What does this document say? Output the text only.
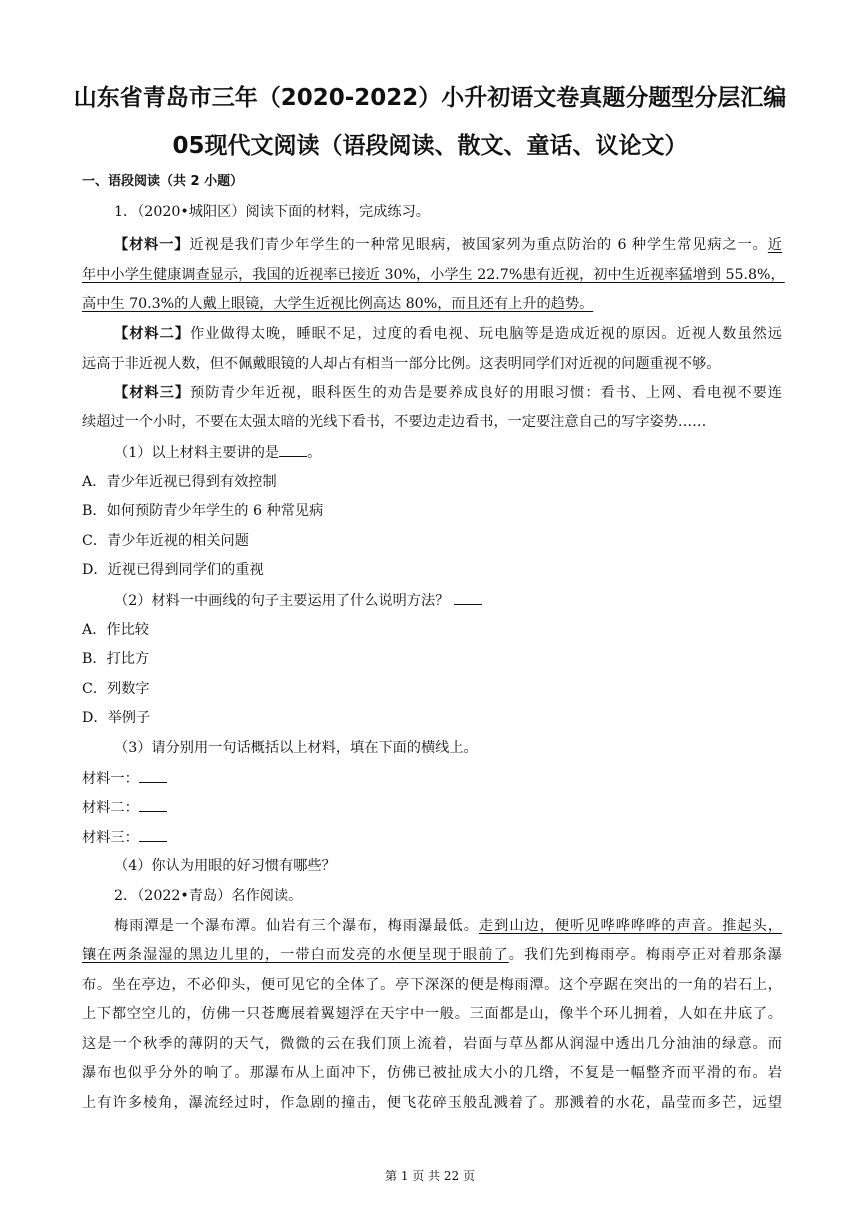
山东省青岛市三年（2020-2022）小升初语文卷真题分题型分层汇编
05现代文阅读（语段阅读、散文、童话、议论文）
一、语段阅读（共 2 小题）
1．（2020•城阳区）阅读下面的材料，完成练习。
【材料一】近视是我们青少年学生的一种常见眼病，被国家列为重点防治的 6 种学生常见病之一。近
年中小学生健康调查显示，我国的近视率已接近 30%，小学生 22.7%患有近视，初中生近视率猛增到 55.8%，
高中生 70.3%的人戴上眼镜，大学生近视比例高达 80%，而且还有上升的趋势。
【材料二】作业做得太晚，睡眠不足，过度的看电视、玩电脑等是造成近视的原因。近视人数虽然远
远高于非近视人数，但不佩戴眼镜的人却占有相当一部分比例。这表明同学们对近视的问题重视不够。
【材料三】预防青少年近视，眼科医生的劝告是要养成良好的用眼习惯：看书、上网、看电视不要连
续超过一个小时，不要在太强太暗的光线下看书，不要边走边看书，一定要注意自己的写字姿势……
（1）以上材料主要讲的是 。
A．青少年近视已得到有效控制
B．如何预防青少年学生的 6 种常见病
C．青少年近视的相关问题
D．近视已得到同学们的重视
（2）材料一中画线的句子主要运用了什么说明方法？
A．作比较
B．打比方
C．列数字
D．举例子
（3）请分别用一句话概括以上材料，填在下面的横线上。
材料一：
材料二：
材料三：
（4）你认为用眼的好习惯有哪些？
2．（2022•青岛）名作阅读。
梅雨潭是一个瀑布潭。仙岩有三个瀑布，梅雨瀑最低。走到山边，便听见哗哗哗哗的声音。推起头，
镶在两条湿湿的黑边儿里的，一带白而发亮的水便呈现于眼前了。我们先到梅雨亭。梅雨亭正对着那条瀑
布。坐在亭边，不必仰头，便可见它的全体了。亭下深深的便是梅雨潭。这个亭踞在突出的一角的岩石上，
上下都空空儿的，仿佛一只苍鹰展着翼翅浮在天宇中一般。三面都是山，像半个环儿拥着，人如在井底了。
这是一个秋季的薄阴的天气，微微的云在我们顶上流着，岩面与草丛都从润湿中透出几分油油的绿意。而
瀑布也似乎分外的响了。那瀑布从上面冲下，仿佛已被扯成大小的几绺，不复是一幅整齐而平滑的布。岩
上有许多棱角，瀑流经过时，作急剧的撞击，便飞花碎玉般乱溅着了。那溅着的水花，晶莹而多芒，远望
第 1 页 共 22 页
